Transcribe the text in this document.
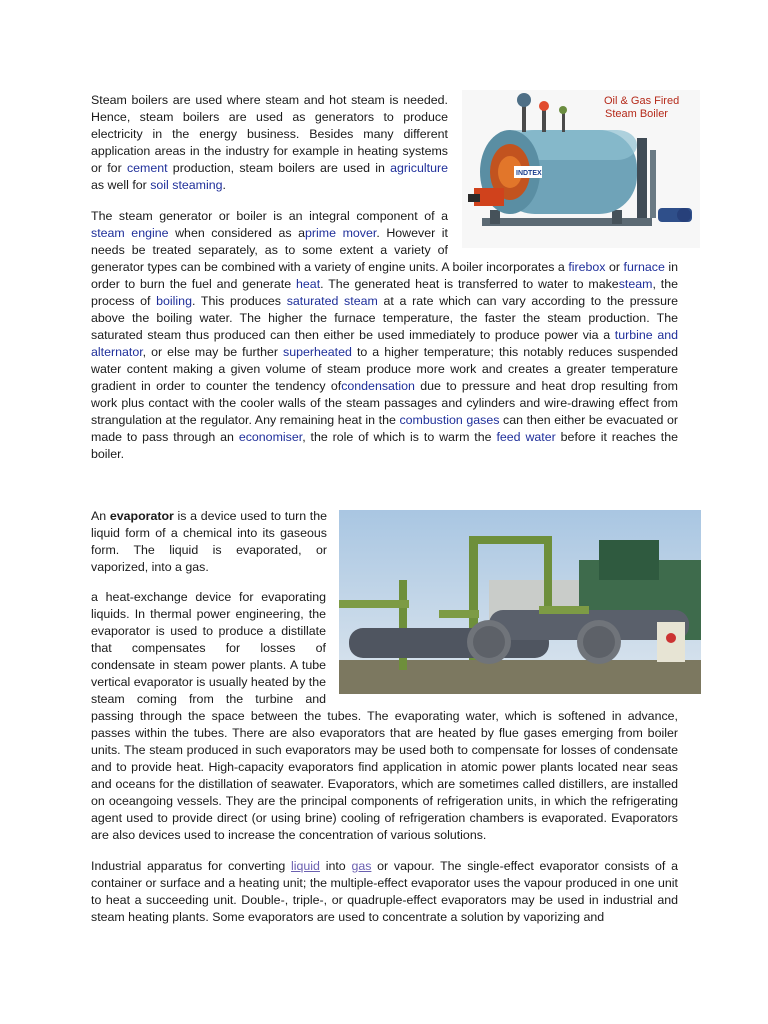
INDTEX
Oil & Gas Fired
Steam Boiler

Steam boilers are used where steam and hot steam is needed. Hence, steam boilers are used as generators to produce electricity in the energy business. Besides many different application areas in the industry for example in heating systems or for cement production, steam boilers are used in agriculture as well for soil steaming.

The steam generator or boiler is an integral component of a steam engine when considered as aprime mover. However it needs be treated separately, as to some extent a variety of generator types can be combined with a variety of engine units. A boiler incorporates a firebox or furnace in order to burn the fuel and generate heat. The generated heat is transferred to water to makesteam, the process of boiling. This produces saturated steam at a rate which can vary according to the pressure above the boiling water. The higher the furnace temperature, the faster the steam production. The saturated steam thus produced can then either be used immediately to produce power via a turbine and alternator, or else may be further superheated to a higher temperature; this notably reduces suspended water content making a given volume of steam produce more work and creates a greater temperature gradient in order to counter the tendency ofcondensation due to pressure and heat drop resulting from work plus contact with the cooler walls of the steam passages and cylinders and wire-drawing effect from strangulation at the regulator. Any remaining heat in the combustion gases can then either be evacuated or made to pass through an economiser, the role of which is to warm the feed water before it reaches the boiler.

An evaporator is a device used to turn the liquid form of a chemical into its gaseous form. The liquid is evaporated, or vaporized, into a gas.

a heat-exchange device for evaporating liquids. In thermal power engineering, the evaporator is used to produce a distillate that compensates for losses of condensate in steam power plants. A tube vertical evaporator is usually heated by the steam coming from the turbine and passing through the space between the tubes. The evaporating water, which is softened in advance, passes within the tubes. There are also evaporators that are heated by flue gases emerging from boiler units. The steam produced in such evaporators may be used both to compensate for losses of condensate and to provide heat. High-capacity evaporators find application in atomic power plants located near seas and oceans for the distillation of seawater. Evaporators, which are sometimes called distillers, are installed on oceangoing vessels. They are the principal components of refrigeration units, in which the refrigerating agent used to provide direct (or using brine) cooling of refrigeration chambers is evaporated. Evaporators are also devices used to increase the concentration of various solutions.

Industrial apparatus for converting liquid into gas or vapour. The single-effect evaporator consists of a container or surface and a heating unit; the multiple-effect evaporator uses the vapour produced in one unit to heat a succeeding unit. Double-, triple-, or quadruple-effect evaporators may be used in industrial and steam heating plants. Some evaporators are used to concentrate a solution by vaporizing and
